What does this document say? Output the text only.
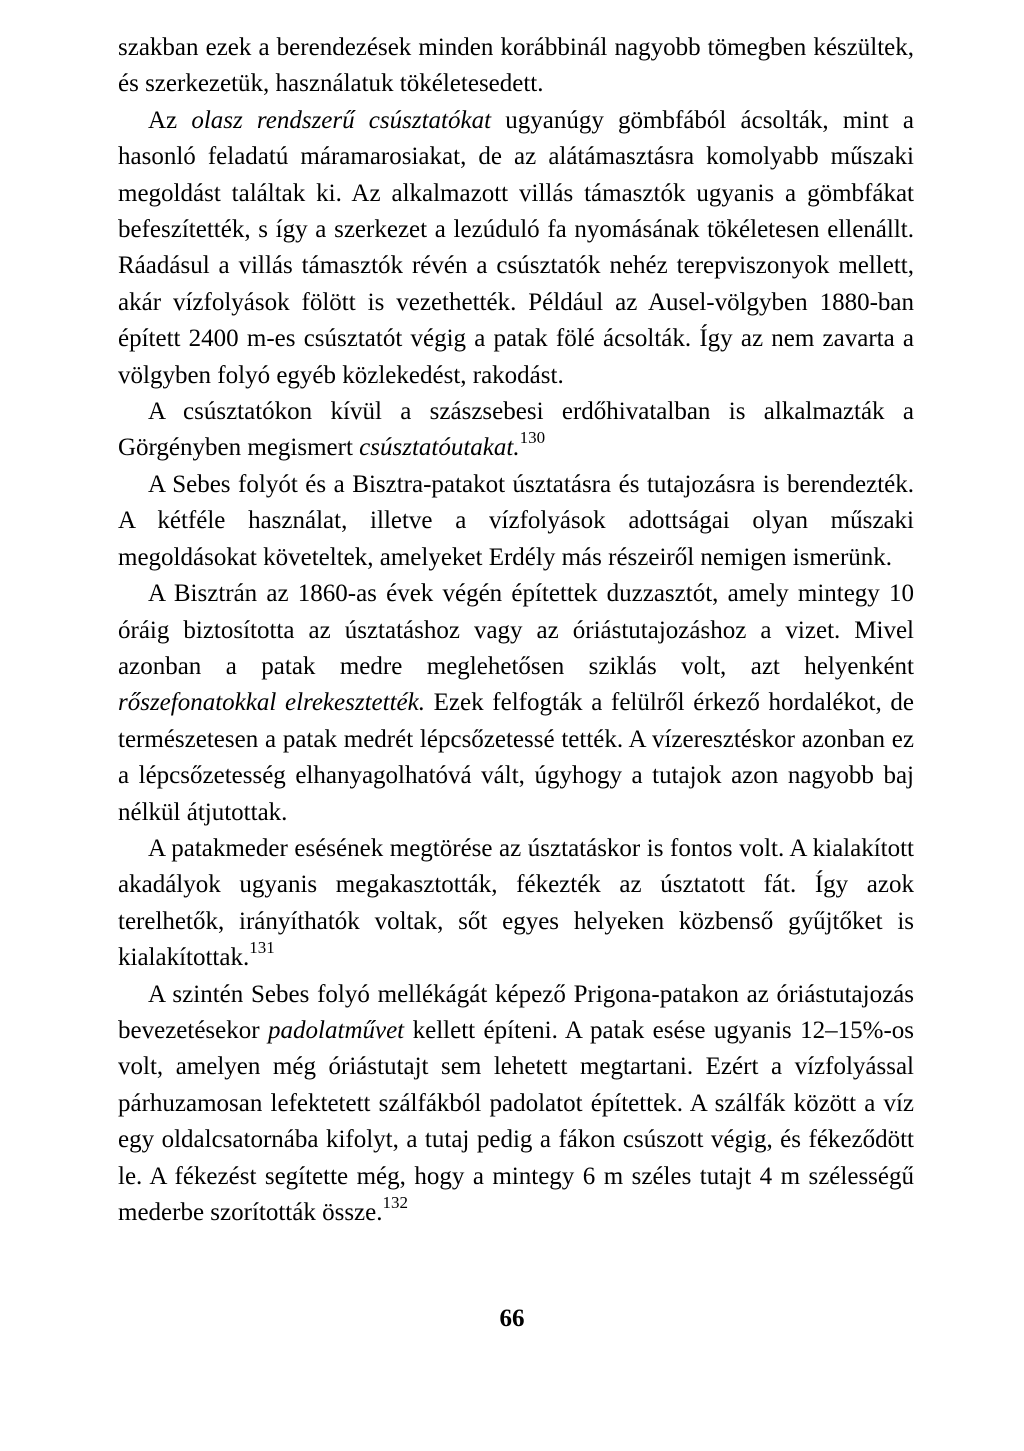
szakban ezek a berendezések minden korábbinál nagyobb tömegben készültek, és szerkezetük, használatuk tökéletesedett.

Az olasz rendszerű csúsztatókat ugyanúgy gömbfából ácsolták, mint a hasonló feladatú máramarosiakat, de az alátámasztásra komolyabb műszaki megoldást találtak ki. Az alkalmazott villás támasztók ugyanis a gömbfákat befeszítették, s így a szerkezet a lezúduló fa nyomásának tökéletesen ellenállt. Ráadásul a villás támasztók révén a csúsztatók nehéz terepviszonyok mellett, akár vízfolyások fölött is vezethették. Például az Ausel-völgyben 1880-ban épített 2400 m-es csúsztatót végig a patak fölé ácsolták. Így az nem zavarta a völgyben folyó egyéb közlekedést, rakodást.

A csúsztatókon kívül a szászsebesi erdőhivatalban is alkalmazták a Görgényben megismert csúsztatóutakat.$^{130}$

A Sebes folyót és a Bisztra-patakot úsztatásra és tutajozásra is berendezték. A kétféle használat, illetve a vízfolyások adottságai olyan műszaki megoldásokat követeltek, amelyeket Erdély más részeiről nemigen ismerünk.

A Bisztrán az 1860-as évek végén építettek duzzasztót, amely mintegy 10 óráig biztosította az úsztatáshoz vagy az óriástutajozáshoz a vizet. Mivel azonban a patak medre meglehetősen sziklás volt, azt helyenként rőszefonatokkal elrekesztették. Ezek felfogták a felülről érkező hordalékot, de természetesen a patak medrét lépcsőzetessé tették. A vízeresztéskor azonban ez a lépcsőzetesség elhanyagolhatóvá vált, úgyhogy a tutajok azon nagyobb baj nélkül átjutottak.

A patakmeder esésének megtörése az úsztatáskor is fontos volt. A kialakított akadályok ugyanis megakasztották, fékezték az úsztatott fát. Így azok terelhetők, irányíthatók voltak, sőt egyes helyeken közbenső gyűjtőket is kialakítottak.$^{131}$

A szintén Sebes folyó mellékágát képező Prigona-patakon az óriástutajozás bevezetésekor padolatművet kellett építeni. A patak esése ugyanis 12–15%-os volt, amelyen még óriástutajt sem lehetett megtartani. Ezért a vízfolyással párhuzamosan lefektetett szálfákból padolatot építettek. A szálfák között a víz egy oldalcsatornába kifolyt, a tutaj pedig a fákon csúszott végig, és fékeződött le. A fékezést segítette még, hogy a mintegy 6 m széles tutajt 4 m szélességű mederbe szorították össze.$^{132}$

66
